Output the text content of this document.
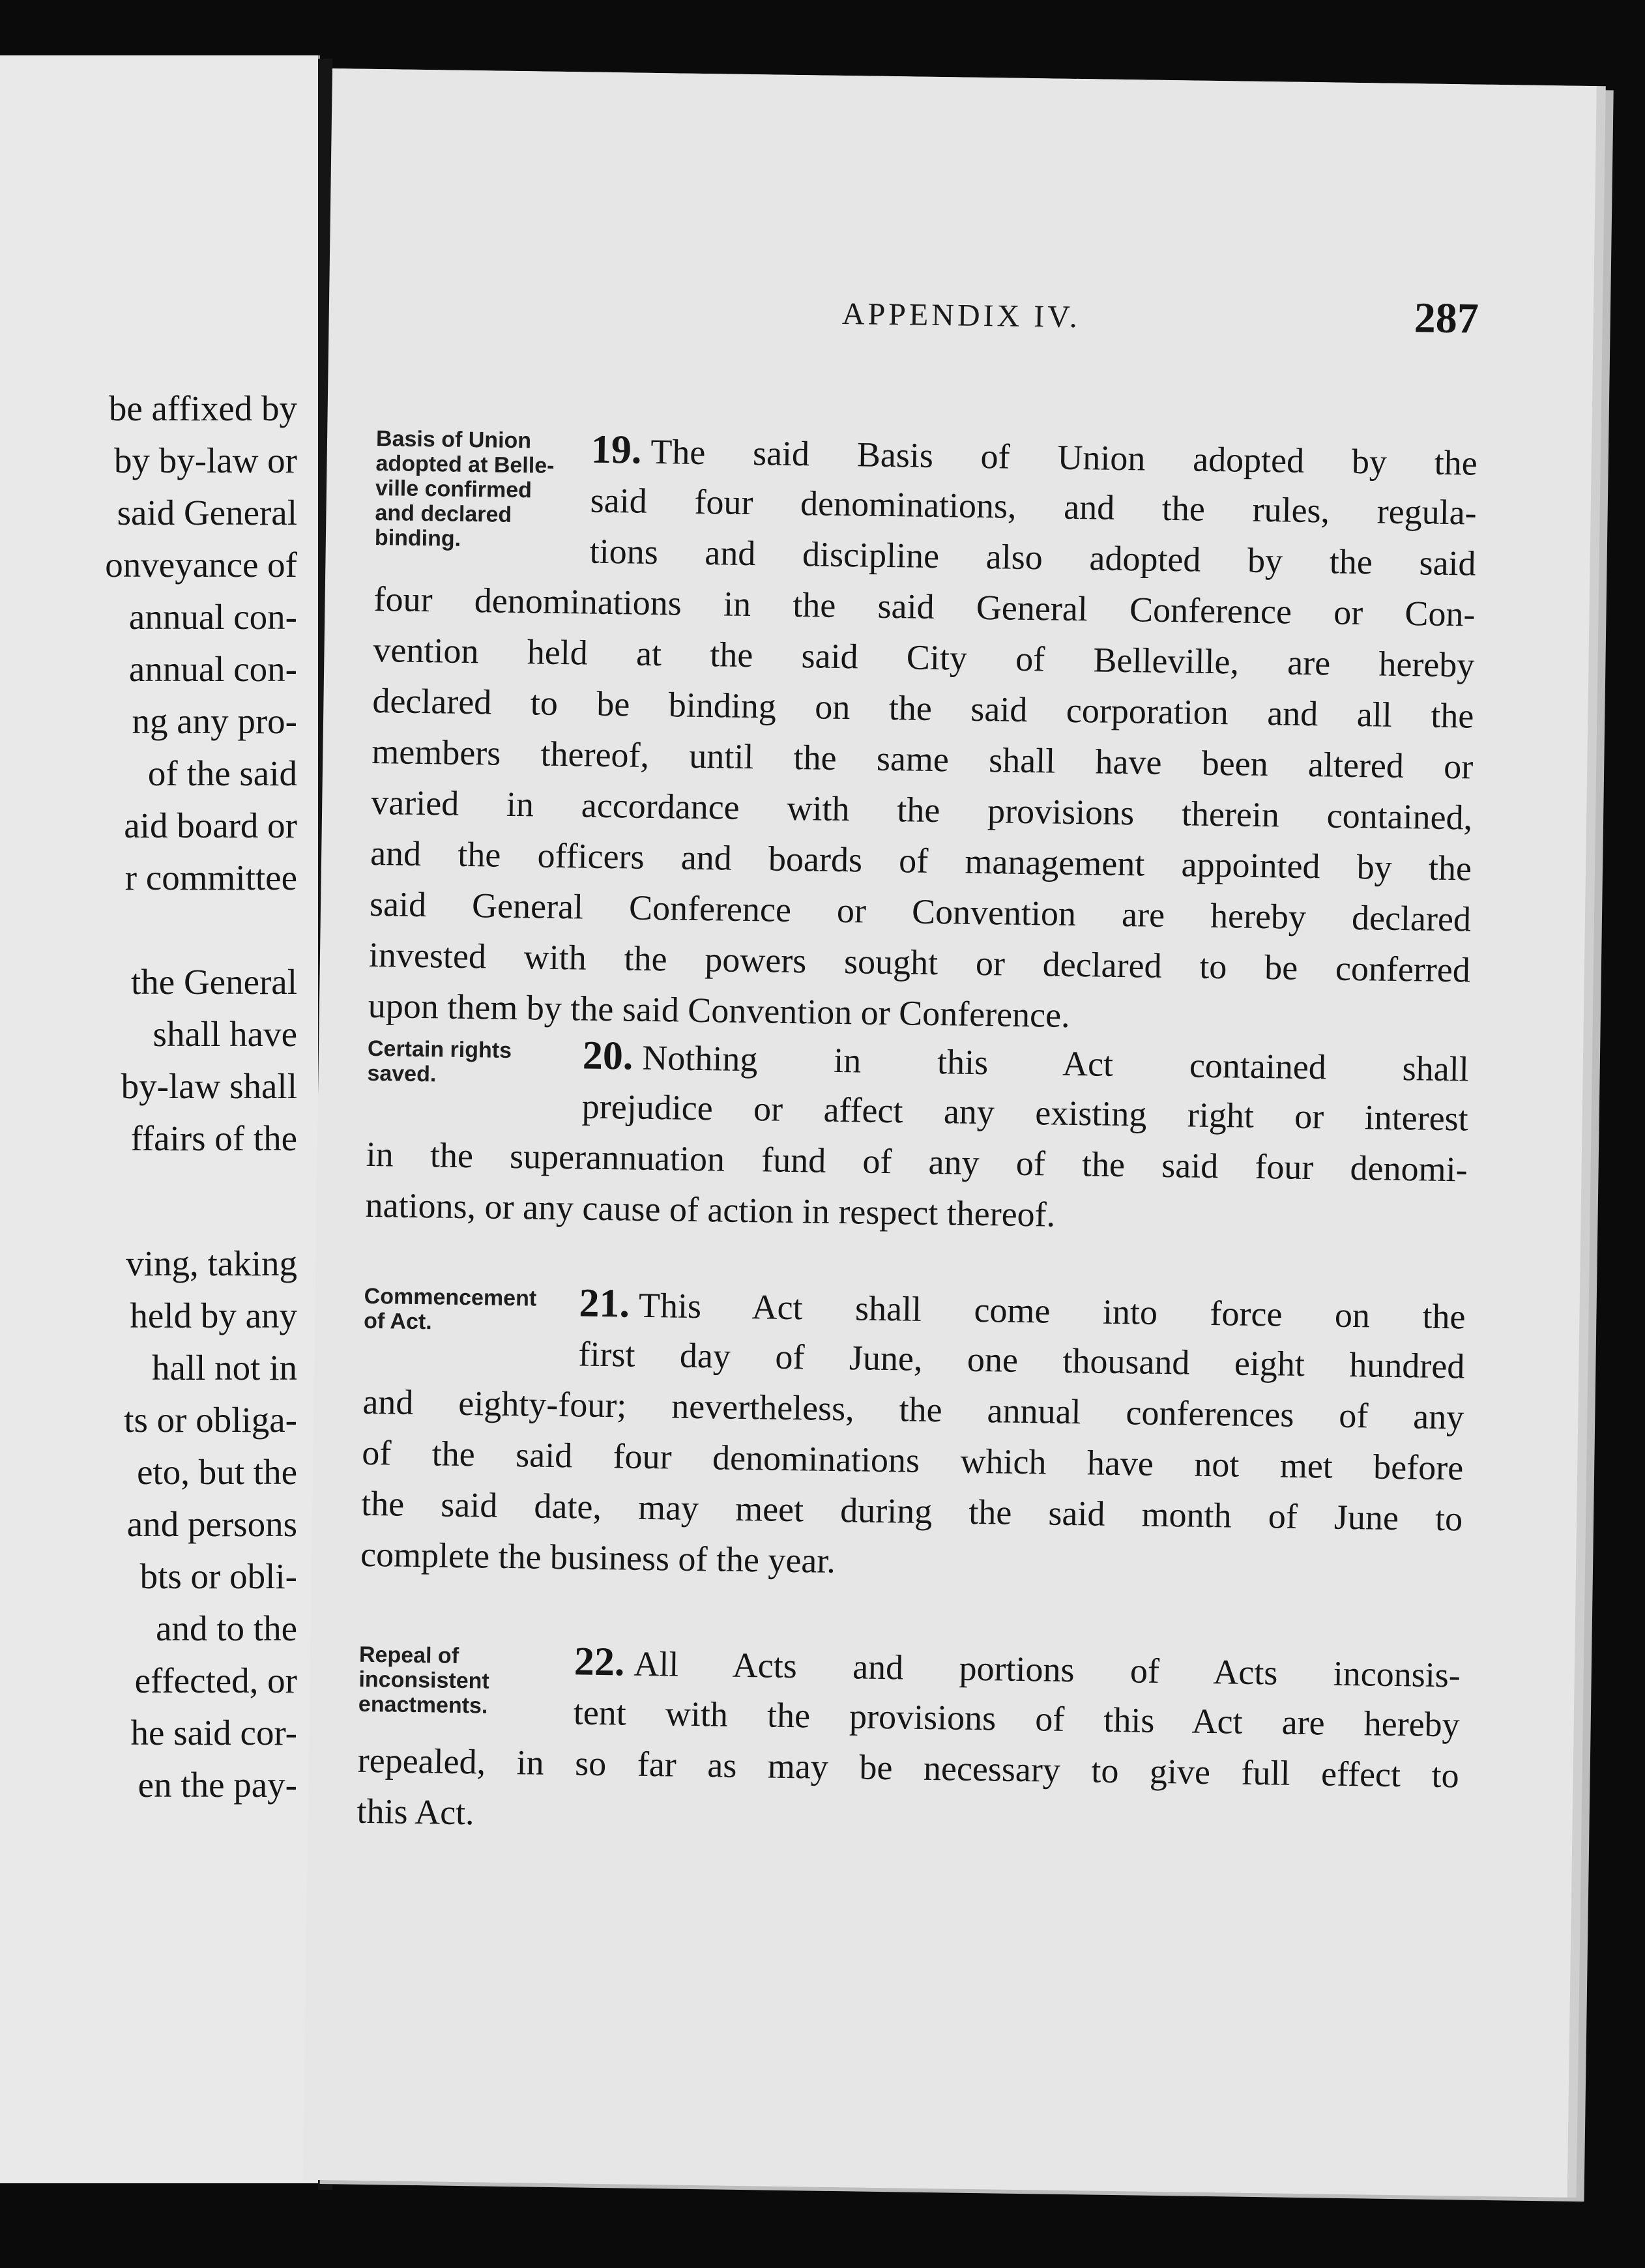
be affixed by
by by-law or
said General
onveyance of
annual con-
annual con-
ng any pro-
of the said
aid board or
r committee
the General
shall have
by-law shall
ffairs of the
ving, taking
held by any
hall not in
ts or obliga-
eto, but the
and persons
bts or obli-
and to the
effected, or
he said cor-
en the pay-
APPENDIX IV.	287
Basis of Union
adopted at Belle-
ville confirmed
and declared
binding.
19. The said Basis of Union adopted by the
said four denominations, and the rules, regula-
tions and discipline also adopted by the said
four denominations in the said General Conference or Con-
vention held at the said City of Belleville, are hereby
declared to be binding on the said corporation and all the
members thereof, until the same shall have been altered or
varied in accordance with the provisions therein contained,
and the officers and boards of management appointed by the
said General Conference or Convention are hereby declared
invested with the powers sought or declared to be conferred
upon them by the said Convention or Conference.
Certain rights
saved.	20. Nothing in this Act contained shall
prejudice or affect any existing right or interest
in the superannuation fund of any of the said four denomi-
nations, or any cause of action in respect thereof.
Commencement
of Act.	21. This Act shall come into force on the
first day of June, one thousand eight hundred
and eighty-four; nevertheless, the annual conferences of any
of the said four denominations which have not met before
the said date, may meet during the said month of June to
complete the business of the year.
Repeal of
inconsistent
enactments.
22. All Acts and portions of Acts inconsis-
tent with the provisions of this Act are hereby
repealed, in so far as may be necessary to give full effect to
this Act.
